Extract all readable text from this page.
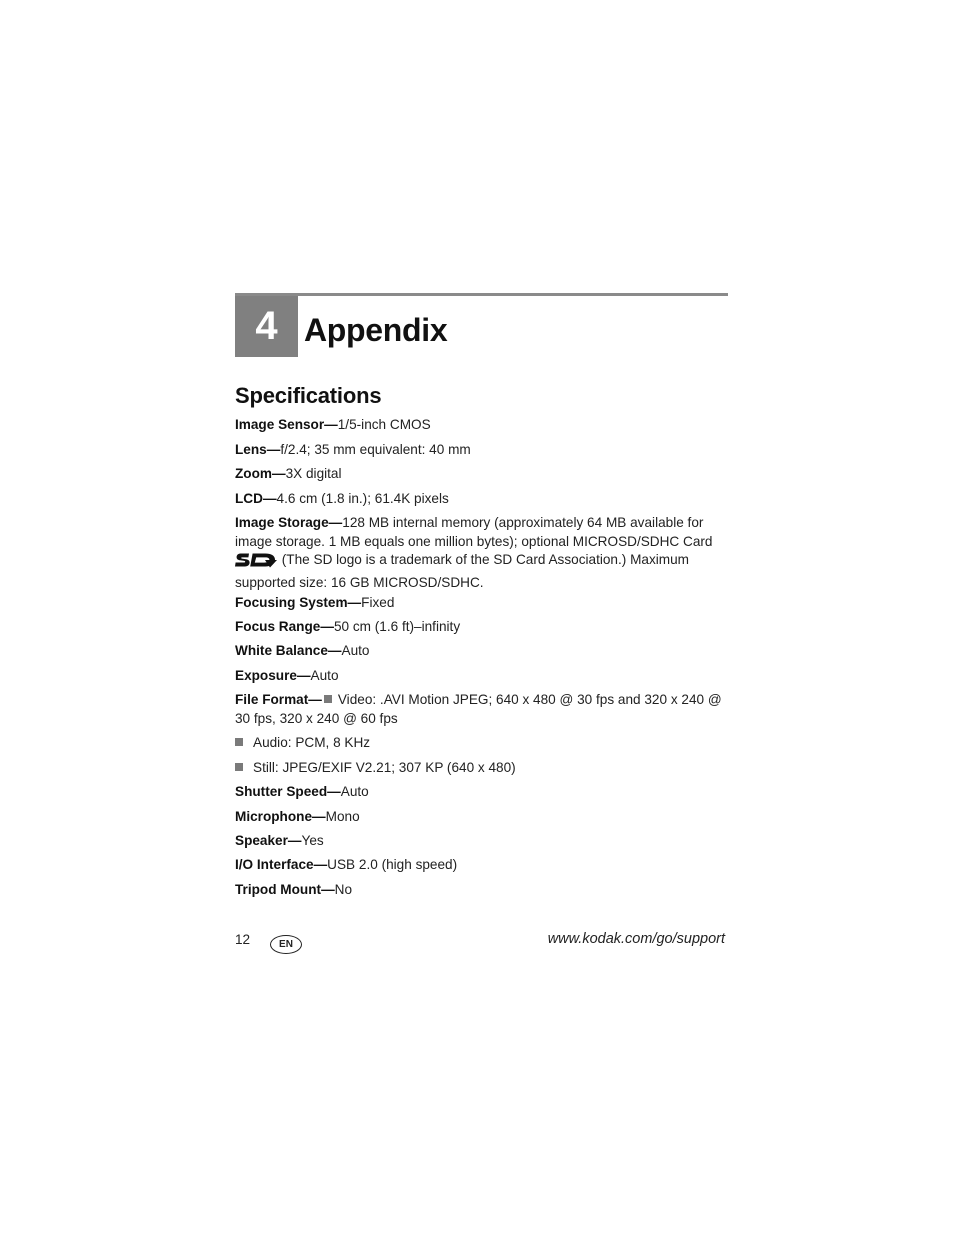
4 Appendix
Specifications
Image Sensor—1/5-inch CMOS
Lens—f/2.4; 35 mm equivalent: 40 mm
Zoom—3X digital
LCD—4.6 cm (1.8 in.); 61.4K pixels
Image Storage—128 MB internal memory (approximately 64 MB available for image storage. 1 MB equals one million bytes); optional MICROSD/SDHC Card  (The SD logo is a trademark of the SD Card Association.) Maximum supported size: 16 GB MICROSD/SDHC.
Focusing System—Fixed
Focus Range—50 cm (1.6 ft)–infinity
White Balance—Auto
Exposure—Auto
File Format— Video: .AVI Motion JPEG; 640 x 480 @ 30 fps and 320 x 240 @ 30 fps, 320 x 240 @ 60 fps
Audio: PCM, 8 KHz
Still: JPEG/EXIF V2.21; 307 KP (640 x 480)
Shutter Speed—Auto
Microphone—Mono
Speaker—Yes
I/O Interface—USB 2.0 (high speed)
Tripod Mount—No
12	EN	www.kodak.com/go/support
